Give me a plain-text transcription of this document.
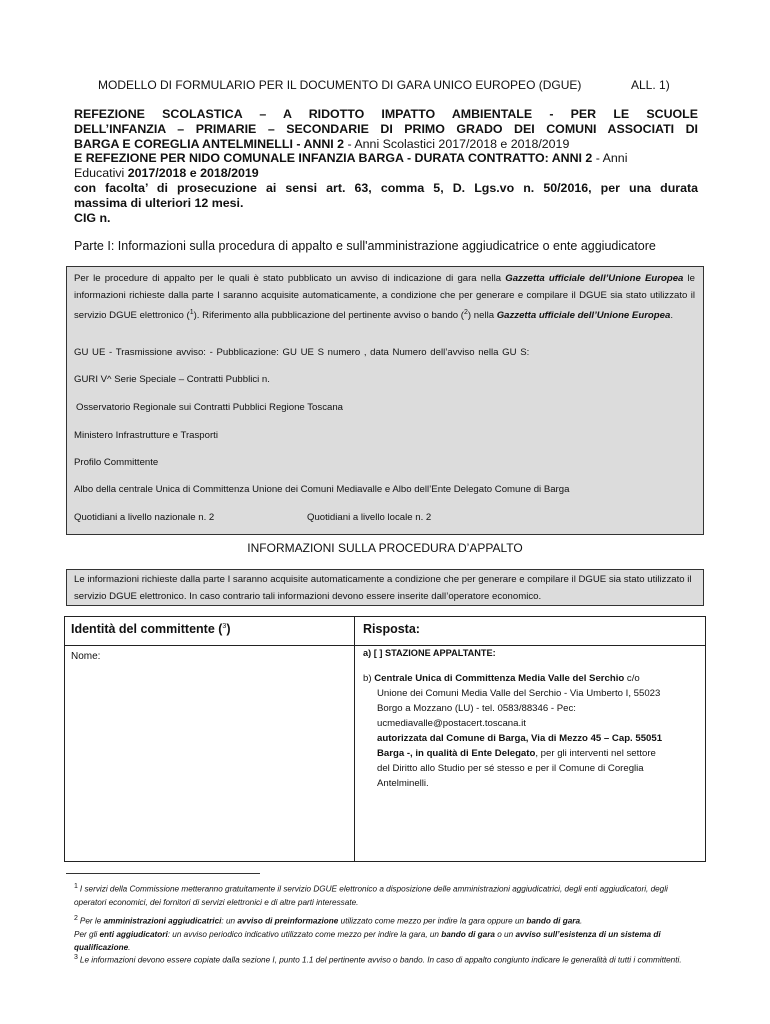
MODELLO DI FORMULARIO PER IL DOCUMENTO DI GARA UNICO EUROPEO (DGUE)	ALL. 1)
REFEZIONE SCOLASTICA – A RIDOTTO IMPATTO AMBIENTALE - PER LE SCUOLE
DELL’INFANZIA – PRIMARIE – SECONDARIE DI PRIMO GRADO DEI COMUNI ASSOCIATI DI
BARGA E COREGLIA ANTELMINELLI - ANNI 2 - Anni Scolastici 2017/2018 e 2018/2019
E REFEZIONE PER NIDO COMUNALE INFANZIA BARGA - DURATA CONTRATTO: ANNI 2 - Anni
Educativi 2017/2018 e 2018/2019
con facolta’ di prosecuzione ai sensi art. 63, comma 5, D. Lgs.vo n. 50/2016, per una durata
massima di ulteriori 12 mesi.
CIG n.
Parte I: Informazioni sulla procedura di appalto e sull'amministrazione aggiudicatrice o ente aggiudicatore
Per le procedure di appalto per le quali è stato pubblicato un avviso di indicazione di gara nella Gazzetta ufficiale dell’Unione Europea le informazioni richieste dalla parte I saranno acquisite automaticamente, a condizione che per generare e compilare il DGUE sia stato utilizzato il servizio DGUE elettronico ($^1$). Riferimento alla pubblicazione del pertinente avviso o bando ($^2$) nella Gazzetta ufficiale dell’Unione Europea.
GU UE - Trasmissione avviso: - Pubblicazione: GU UE S numero , data Numero dell’avviso nella GU S:
GURI V^ Serie Speciale – Contratti Pubblici n.
Osservatorio Regionale sui Contratti Pubblici Regione Toscana
Ministero Infrastrutture e Trasporti
Profilo Committente
Albo della centrale Unica di Committenza Unione dei Comuni Mediavalle e Albo dell’Ente Delegato Comune di Barga
Quotidiani a livello nazionale n. 2	Quotidiani a livello locale n. 2
INFORMAZIONI SULLA PROCEDURA D’APPALTO
Le informazioni richieste dalla parte I saranno acquisite automaticamente a condizione che per generare e compilare il DGUE sia stato utilizzato il servizio DGUE elettronico. In caso contrario tali informazioni devono essere inserite dall’operatore economico.
Identità del committente ($^3$)	Risposta:
Nome:	a) [ ] STAZIONE APPALTANTE:
b) Centrale Unica di Committenza Media Valle del Serchio c/o
Unione dei Comuni Media Valle del Serchio - Via Umberto I, 55023
Borgo a Mozzano (LU) - tel. 0583/88346 - Pec:
ucmediavalle@postacert.toscana.it
autorizzata dal Comune di Barga, Via di Mezzo 45 – Cap. 55051
Barga -, in qualità di Ente Delegato, per gli interventi nel settore
del Diritto allo Studio per sé stesso e per il Comune di Coreglia
Antelminelli.
1 I servizi della Commissione metteranno gratuitamente il servizio DGUE elettronico a disposizione delle amministrazioni aggiudicatrici, degli enti aggiudicatori, degli operatori economici, dei fornitori di servizi elettronici e di altre parti interessate.
2 Per le amministrazioni aggiudicatrici: un avviso di preinformazione utilizzato come mezzo per indire la gara oppure un bando di gara.
Per gli enti aggiudicatori: un avviso periodico indicativo utilizzato come mezzo per indire la gara, un bando di gara o un avviso sull’esistenza di un sistema di qualificazione.
3 Le informazioni devono essere copiate dalla sezione I, punto 1.1 del pertinente avviso o bando. In caso di appalto congiunto indicare le generalità di tutti i committenti.
